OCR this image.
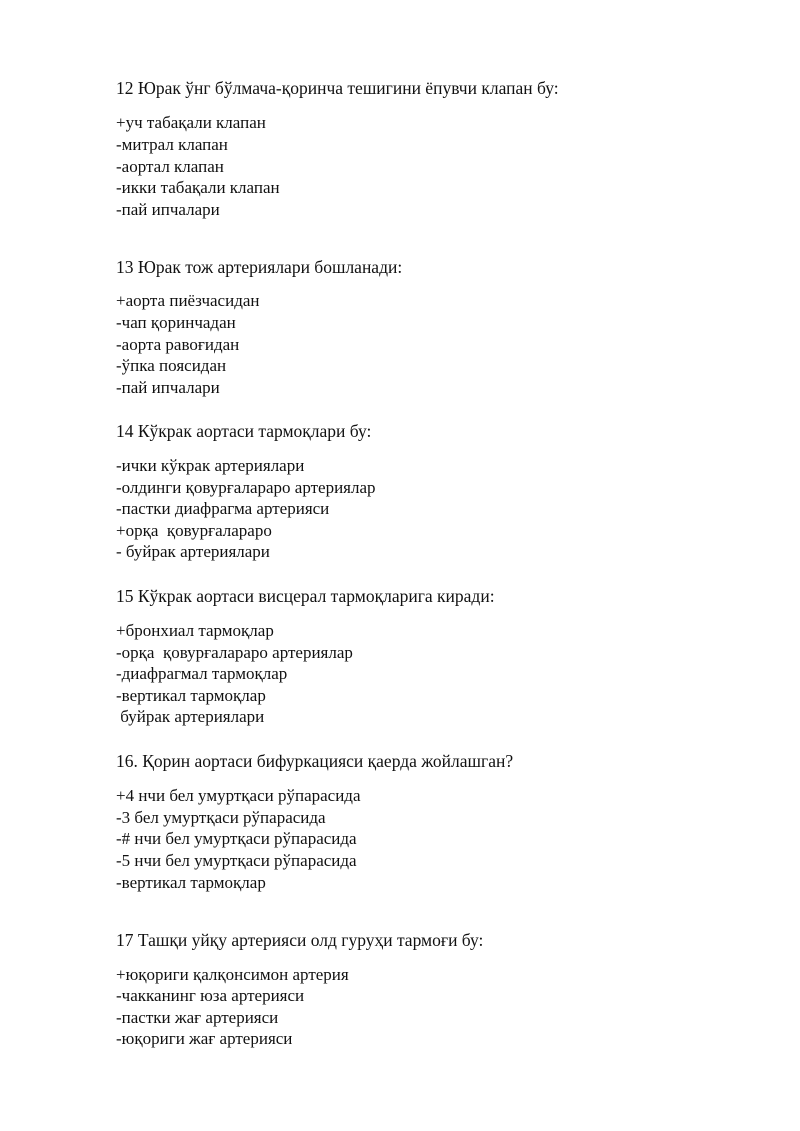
12 Юрак ўнг бўлмача-қоринча тешигини ёпувчи клапан бу:
+уч табақали клапан
-митрал клапан
-аортал клапан
-икки табақали клапан
-пай ипчалари
13 Юрак тож артериялари бошланади:
+аорта пиёзчасидан
-чап қоринчадан
-аорта равоғидан
-ўпка поясидан
-пай ипчалари
14 Кўкрак аортаси тармоқлари бу:
-ички кўкрак артериялари
-олдинги қовурғалараро артериялар
-пастки диафрагма артерияси
+орқа  қовурғалараро
- буйрак артериялари
15 Кўкрак аортаси висцерал тармоқларига киради:
+бронхиал тармоқлар
-орқа  қовурғалараро артериялар
-диафрагмал тармоқлар
-вертикал тармоқлар
буйрак артериялари
16. Қорин аортаси бифуркацияси қаерда жойлашган?
+4 нчи бел умуртқаси рўпарасида
-3 бел умуртқаси рўпарасида
-# нчи бел умуртқаси рўпарасида
-5 нчи бел умуртқаси рўпарасида
-вертикал тармоқлар
17 Ташқи уйқу артерияси олд гуруҳи тармоғи бу:
+юқориги қалқонсимон артерия
-чакканинг юза артерияси
-пастки жағ артерияси
-юқориги жағ артерияси
